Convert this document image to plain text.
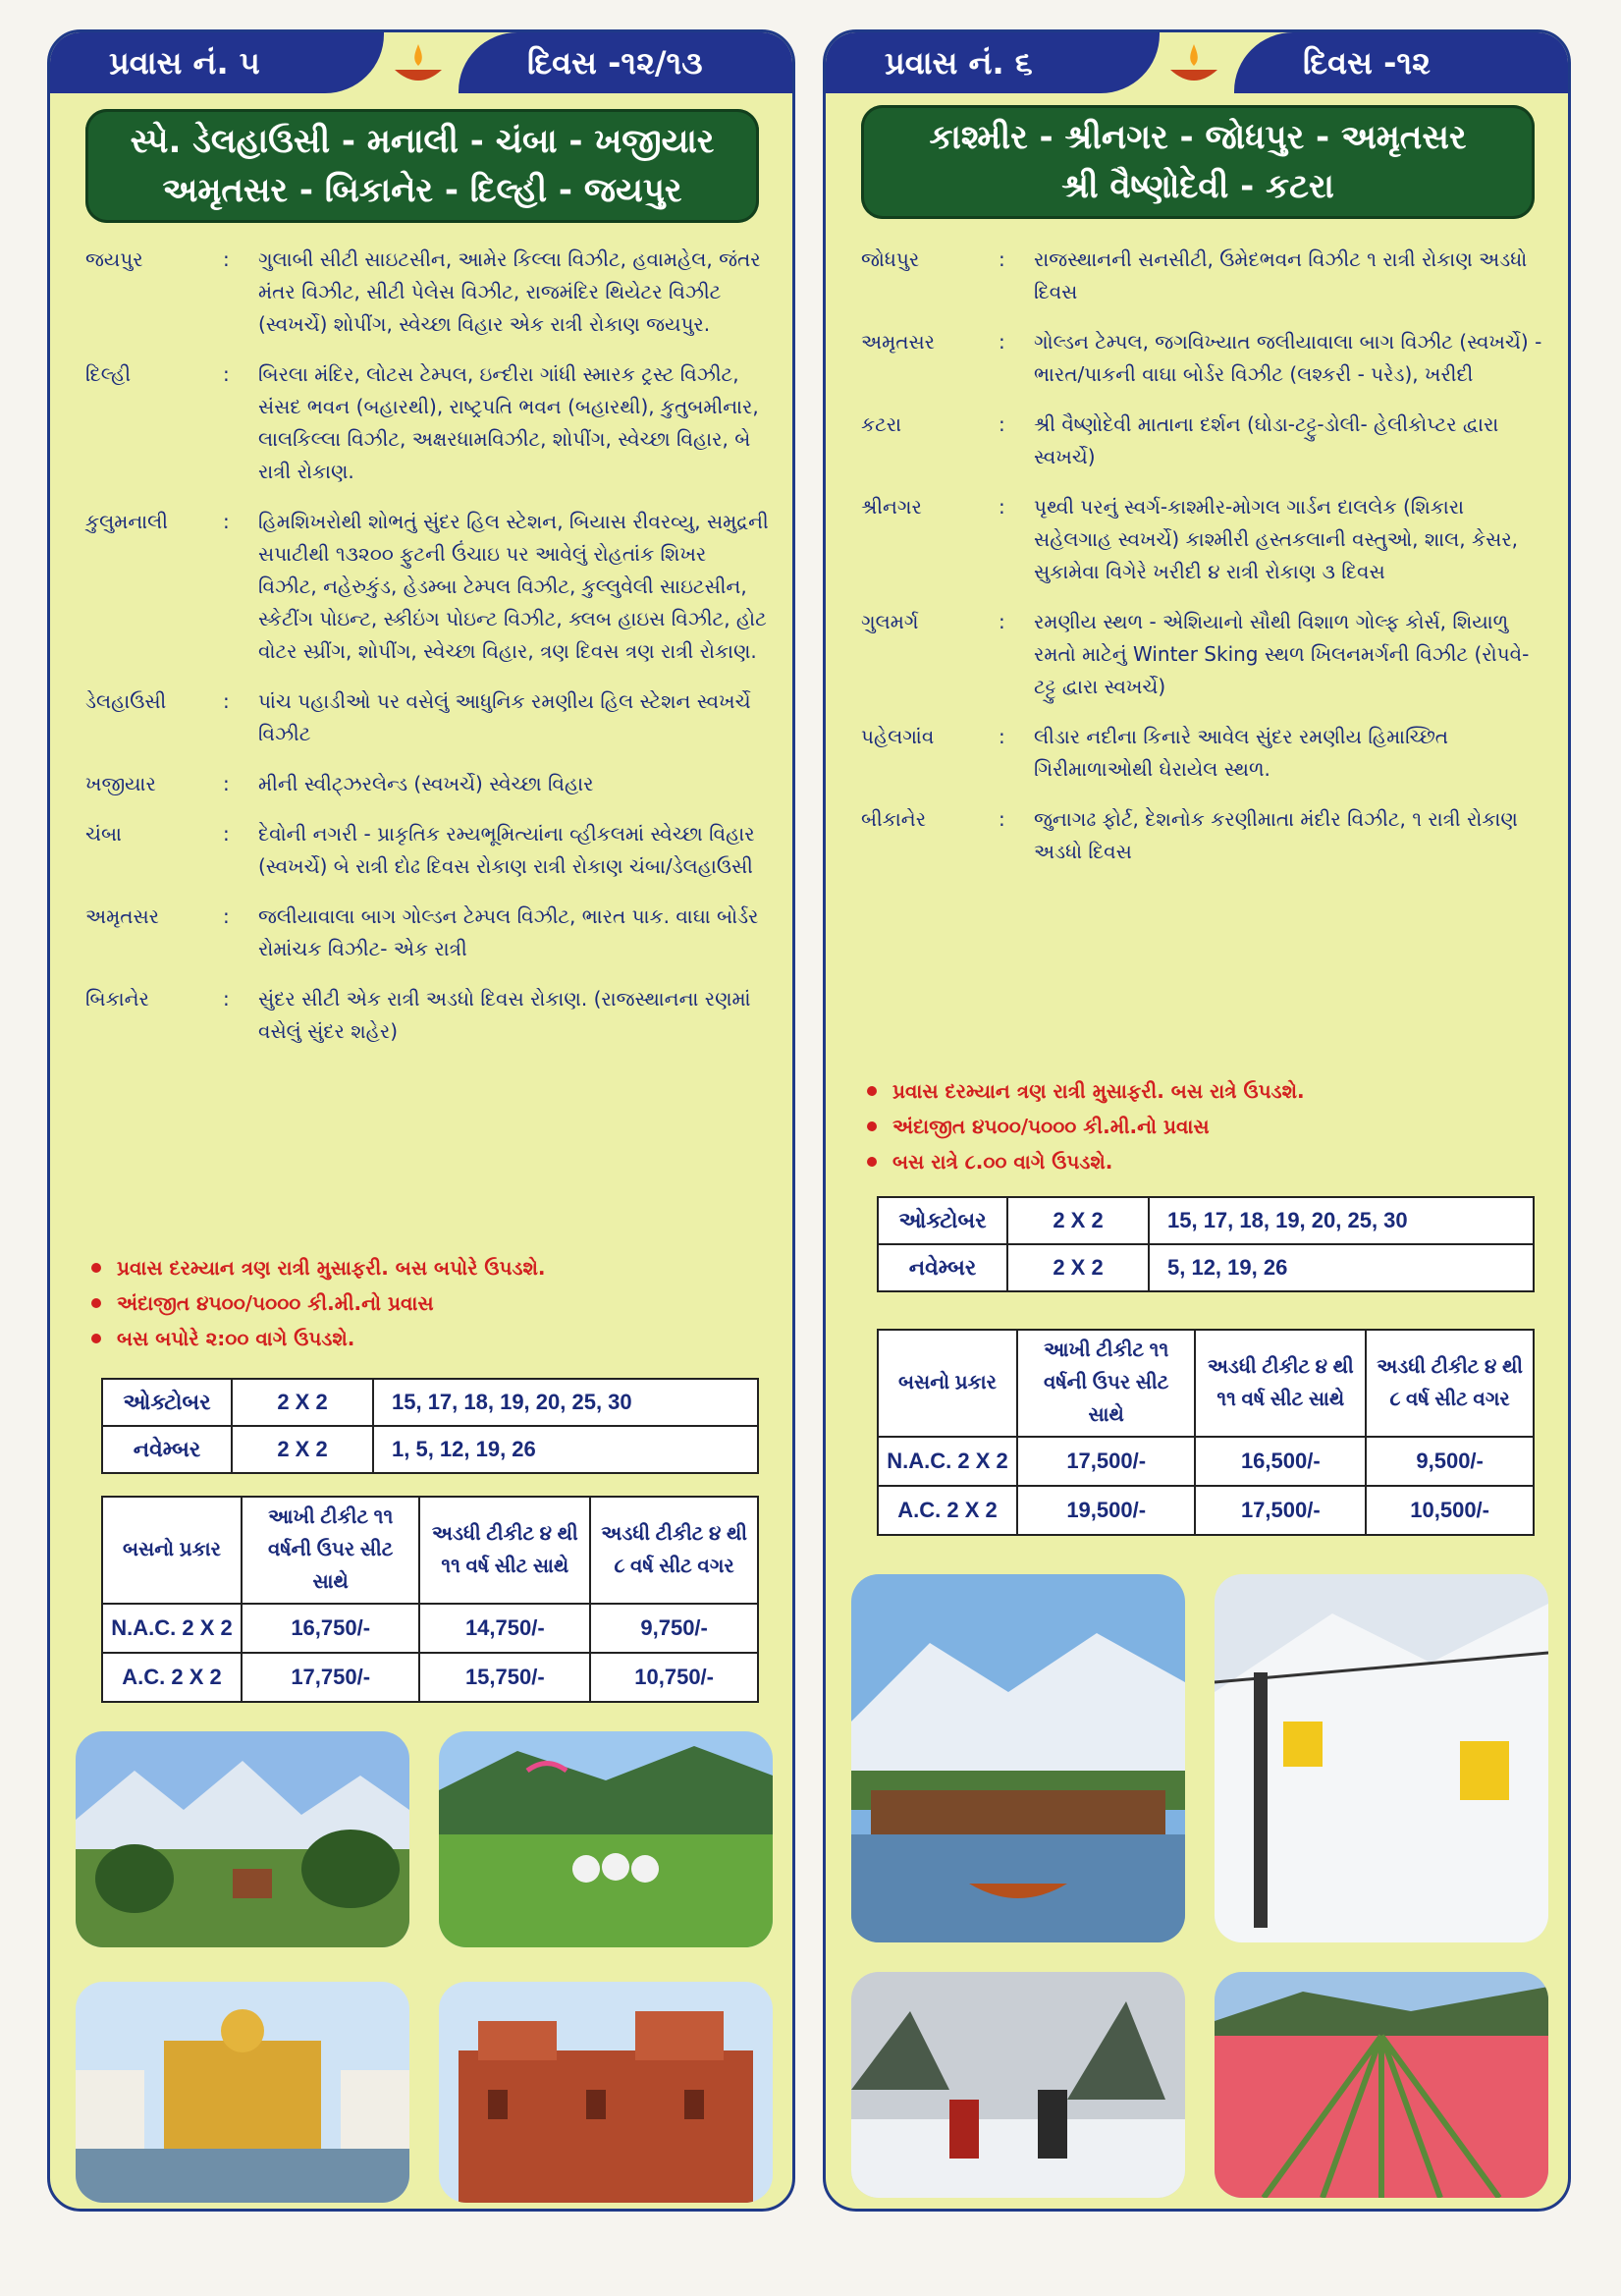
પ્રવાસ નં. ૫	દિવસ -૧૨/૧૩
સ્પે. ડેલહાઉસી - મનાલી - ચંબા - ખજીયાર
અમૃતસર - બિકાનેર - દિલ્હી - જયપુર
જયપુર	:	ગુલાબી સીટી સાઇટસીન, આમેર કિલ્લા વિઝીટ, હવામહેલ, જંતર મંતર વિઝીટ, સીટી પેલેસ વિઝીટ, રાજમંદિર થિયેટર વિઝીટ (સ્વખર્ચે) શોપીંગ, સ્વેચ્છા વિહાર એક રાત્રી રોકાણ જયપુર.
દિલ્હી	:	બિરલા મંદિર, લોટસ ટેમ્પલ, ઇન્દીરા ગાંધી સ્મારક ટ્રસ્ટ વિઝીટ, સંસદ ભવન (બહારથી), રાષ્ટ્રપતિ ભવન (બહારથી), કુતુબમીનાર, લાલકિલ્લા વિઝીટ, અક્ષરધામવિઝીટ, શોપીંગ, સ્વેચ્છા વિહાર, બે રાત્રી રોકાણ.
કુલુમનાલી	:	હિમશિખરોથી શોભતું સુંદર હિલ સ્ટેશન, બિયાસ રીવરવ્યુ, સમુદ્રની સપાટીથી ૧૩૨૦૦ ફુટની ઉંચાઇ પર આવેલું રોહતાંક શિખર વિઝીટ, નહેરુકુંડ, હેડમ્બા ટેમ્પલ વિઝીટ, કુલ્લુવેલી સાઇટસીન, સ્કેટીંગ પોઇન્ટ, સ્કીઇંગ પોઇન્ટ વિઝીટ, ક્લબ હાઇસ વિઝીટ, હોટ વોટર સ્પ્રીંગ, શોપીંગ, સ્વેચ્છા વિહાર, ત્રણ દિવસ ત્રણ રાત્રી રોકાણ.
ડેલહાઉસી	:	પાંચ પહાડીઓ પર વસેલું આધુનિક રમણીય હિલ સ્ટેશન સ્વખર્ચે વિઝીટ
ખજીયાર	:	મીની સ્વીટ્ઝરલેન્ડ (સ્વખર્ચે) સ્વેચ્છા વિહાર
ચંબા	:	દેવોની નગરી - પ્રાકૃતિક રમ્યભૂમિત્યાંના વ્હીકલમાં સ્વેચ્છા વિહાર (સ્વખર્ચે) બે રાત્રી દોઢ દિવસ રોકાણ રાત્રી રોકાણ ચંબા/ડેલહાઉસી
અમૃતસર	:	જલીયાવાલા બાગ ગોલ્ડન ટેમ્પલ વિઝીટ, ભારત પાક. વાઘા બોર્ડર રોમાંચક વિઝીટ- એક રાત્રી
બિકાનેર	:	સુંદર સીટી એક રાત્રી અડધો દિવસ રોકાણ. (રાજસ્થાનના રણમાં વસેલું સુંદર શહેર)
પ્રવાસ દરમ્યાન ત્રણ રાત્રી મુસાફરી. બસ બપોરે ઉપડશે.
અંદાજીત ૪૫૦૦/૫૦૦૦ કી.મી.નો પ્રવાસ
બસ બપોરે ૨:૦૦ વાગે ઉપડશે.
ઓક્ટોબર	2 X 2	15, 17, 18, 19, 20, 25, 30
નવેમ્બર	2 X 2	1, 5, 12, 19, 26
બસનો પ્રકાર	આખી ટીકીટ ૧૧ વર્ષની ઉપર સીટ સાથે	અડધી ટીકીટ ૪ થી ૧૧ વર્ષ સીટ સાથે	અડધી ટીકીટ ૪ થી ૮ વર્ષ સીટ વગર
N.A.C. 2 X 2	16,750/-	14,750/-	9,750/-
A.C. 2 X 2	17,750/-	15,750/-	10,750/-
પ્રવાસ નં. ૬	દિવસ -૧૨
કાશ્મીર - શ્રીનગર - જોધપુર - અમૃતસર
શ્રી વૈષ્ણોદેવી - કટરા
જોધપુર	:	રાજસ્થાનની સનસીટી, ઉમેદભવન વિઝીટ ૧ રાત્રી રોકાણ અડધો દિવસ
અમૃતસર	:	ગોલ્ડન ટેમ્પલ, જગવિખ્યાત જલીયાવાલા બાગ વિઝીટ (સ્વખર્ચે) - ભારત/પાકની વાઘા બોર્ડર વિઝીટ (લશ્કરી - પરેડ), ખરીદી
કટરા	:	શ્રી વૈષ્ણોદેવી માતાના દર્શન (ઘોડા-ટટ્ટુ-ડોલી- હેલીકોપ્ટર દ્વારા સ્વખર્ચે)
શ્રીનગર	:	પૃથ્વી પરનું સ્વર્ગ-કાશ્મીર-મોગલ ગાર્ડન દાલલેક (શિકારા સહેલગાહ સ્વખર્ચે) કાશ્મીરી હસ્તકલાની વસ્તુઓ, શાલ, કેસર, સુકામેવા વિગેરે ખરીદી ૪ રાત્રી રોકાણ ૩ દિવસ
ગુલમર્ગ	:	રમણીય સ્થળ - એશિયાનો સૌથી વિશાળ ગોલ્ફ કોર્સ, શિયાળુ રમતો માટેનું Winter Sking સ્થળ ખિલનમર્ગની વિઝીટ (રોપવે-ટટ્ટુ દ્વારા સ્વખર્ચે)
પહેલગાંવ	:	લીડાર નદીના કિનારે આવેલ સુંદર રમણીય હિમાચ્છિત ગિરીમાળાઓથી ઘેરાયેલ સ્થળ.
બીકાનેર	:	જુનાગઢ ફોર્ટ, દેશનોક કરણીમાતા મંદીર વિઝીટ, ૧ રાત્રી રોકાણ અડધો દિવસ
પ્રવાસ દરમ્યાન ત્રણ રાત્રી મુસાફરી. બસ રાત્રે ઉપડશે.
અંદાજીત ૪૫૦૦/૫૦૦૦ કી.મી.નો પ્રવાસ
બસ રાત્રે ૮.૦૦ વાગે ઉપડશે.
ઓક્ટોબર	2 X 2	15, 17, 18, 19, 20, 25, 30
નવેમ્બર	2 X 2	5, 12, 19, 26
બસનો પ્રકાર	આખી ટીકીટ ૧૧ વર્ષની ઉપર સીટ સાથે	અડધી ટીકીટ ૪ થી ૧૧ વર્ષ સીટ સાથે	અડધી ટીકીટ ૪ થી ૮ વર્ષ સીટ વગર
N.A.C. 2 X 2	17,500/-	16,500/-	9,500/-
A.C. 2 X 2	19,500/-	17,500/-	10,500/-
